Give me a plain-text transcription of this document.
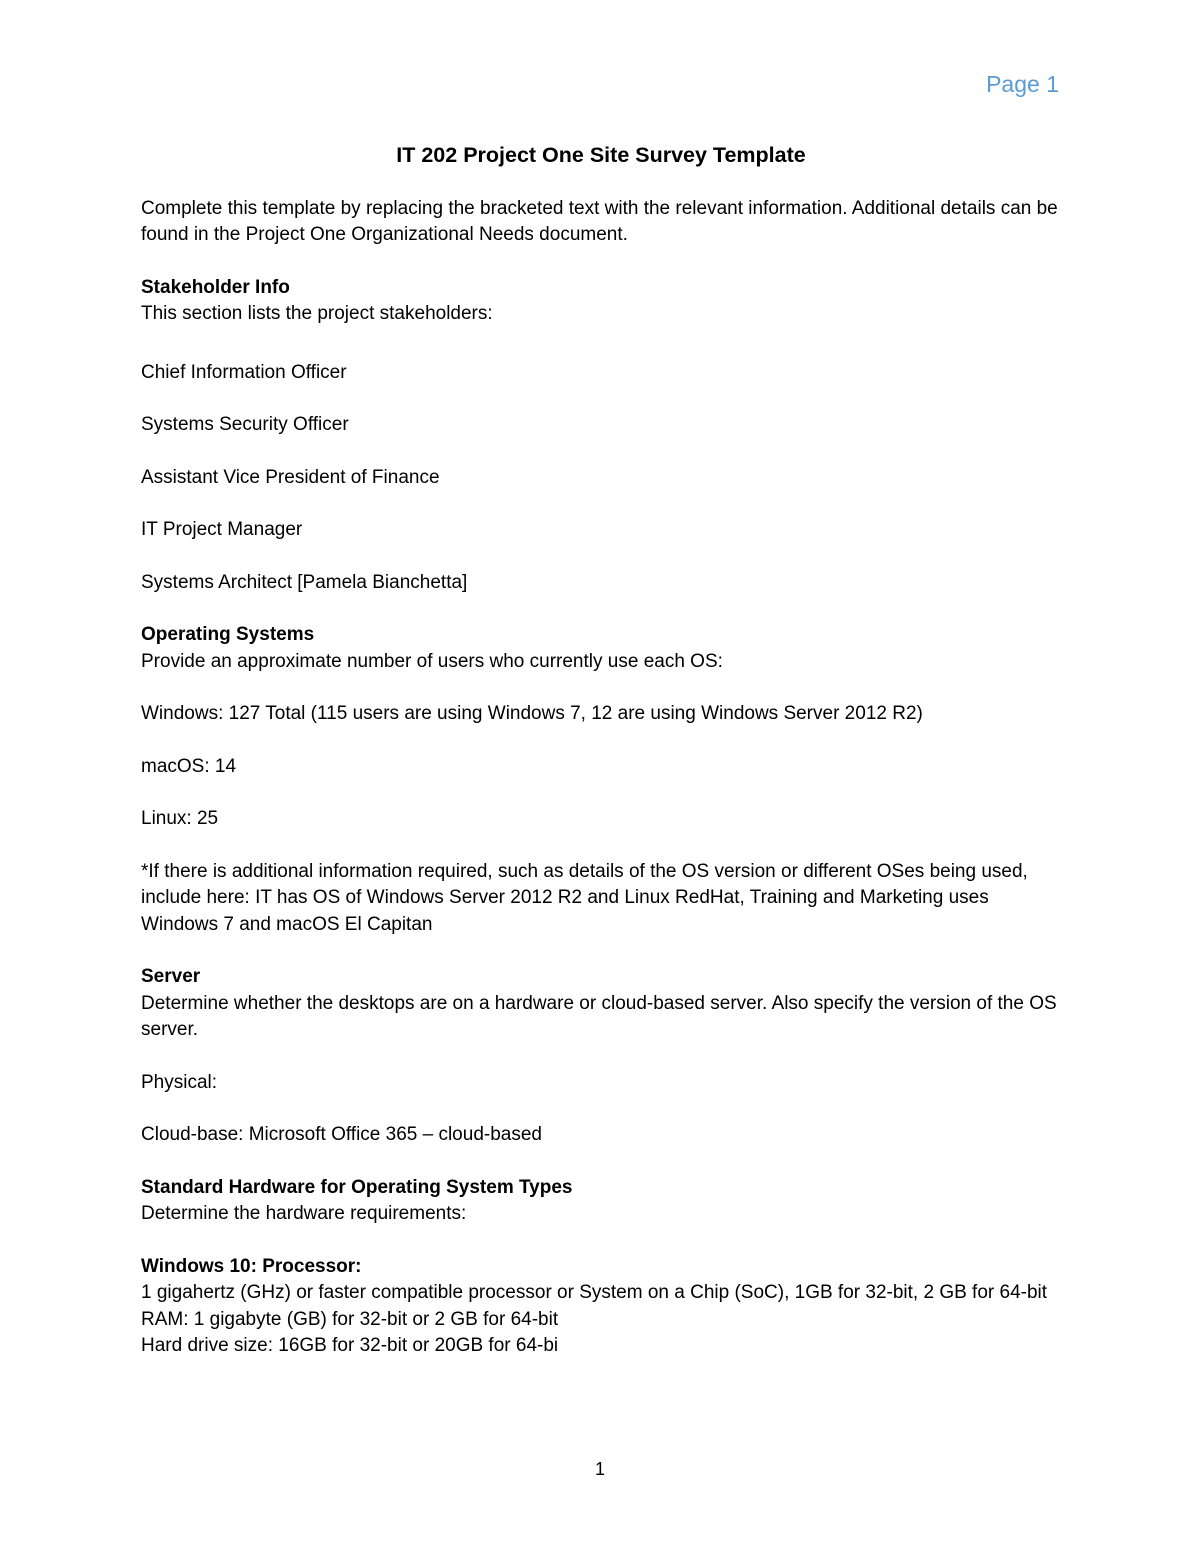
Page 1

IT 202 Project One Site Survey Template

Complete this template by replacing the bracketed text with the relevant information. Additional details can be found in the Project One Organizational Needs document.

Stakeholder Info

This section lists the project stakeholders:

Chief Information Officer

Systems Security Officer

Assistant Vice President of Finance

IT Project Manager

Systems Architect [Pamela Bianchetta]

Operating Systems

Provide an approximate number of users who currently use each OS:

Windows: 127 Total (115 users are using Windows 7, 12 are using Windows Server 2012 R2)

macOS: 14

Linux: 25

*If there is additional information required, such as details of the OS version or different OSes being used, include here: IT has OS of Windows Server 2012 R2 and Linux RedHat, Training and Marketing uses Windows 7 and macOS El Capitan

Server

Determine whether the desktops are on a hardware or cloud-based server. Also specify the version of the OS server.

Physical:

Cloud-base: Microsoft Office 365 – cloud-based

Standard Hardware for Operating System Types

Determine the hardware requirements:

Windows 10: Processor:

1 gigahertz (GHz) or faster compatible processor or System on a Chip (SoC), 1GB for 32-bit, 2 GB for 64-bit

RAM: 1 gigabyte (GB) for 32-bit or 2 GB for 64-bit

Hard drive size: 16GB for 32-bit or 20GB for 64-bi

1
